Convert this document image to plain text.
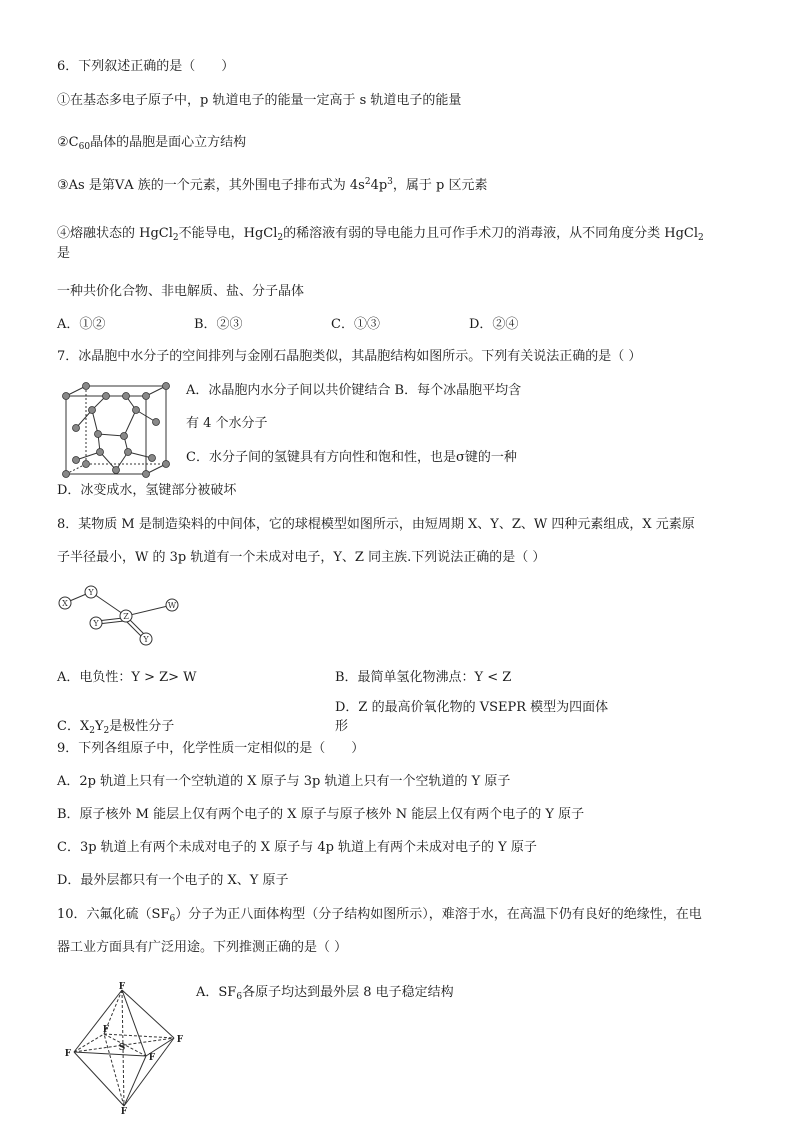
6．下列叙述正确的是（　　）
①在基态多电子原子中，p 轨道电子的能量一定高于 s 轨道电子的能量
$②C_{60}$晶体的晶胞是面心立方结构
③As 是第ⅤA 族的一个元素，其外围电子排布式为 $4s^24p^3$，属于 p 区元素
④熔融状态的 HgCl$_2$不能导电，HgCl$_2$的稀溶液有弱的导电能力且可作手术刀的消毒液，从不同角度分类 HgCl$_2$
是
一种共价化合物、非电解质、盐、分子晶体
A．①②	B．②③	C．①③	D．②④
7．冰晶胞中水分子的空间排列与金刚石晶胞类似，其晶胞结构如图所示。下列有关说法正确的是（ ）
A．冰晶胞内水分子间以共价键结合 B．每个冰晶胞平均含
有 4 个水分子
C．水分子间的氢键具有方向性和饱和性，也是σ键的一种
D．冰变成水，氢键部分被破坏
8．某物质 M 是制造染料的中间体，它的球棍模型如图所示，由短周期 X、Y、Z、W 四种元素组成，X 元素原
子半径最小，W 的 3p 轨道有一个未成对电子，Y、Z 同主族.下列说法正确的是（ ）
X
Y
Z
W
Y
Y
A．电负性：Y > Z> W	B．最简单氢化物沸点：Y < Z
D．Z 的最高价氧化物的 VSEPR 模型为四面体
形
C．$X_2Y_2$是极性分子
9．下列各组原子中，化学性质一定相似的是（　　）
A．2p 轨道上只有一个空轨道的 X 原子与 3p 轨道上只有一个空轨道的 Y 原子
B．原子核外 M 能层上仅有两个电子的 X 原子与原子核外 N 能层上仅有两个电子的 Y 原子
C．3p 轨道上有两个未成对电子的 X 原子与 4p 轨道上有两个未成对电子的 Y 原子
D．最外层都只有一个电子的 X、Y 原子
10．六氟化硫$(SF_6)$分子为正八面体构型（分子结构如图所示），难溶于水，在高温下仍有良好的绝缘性，在电
器工业方面具有广泛用途。下列推测正确的是（ ）
A．$SF_6$各原子均达到最外层 8 电子稳定结构
F
F
F
F
F
F
S
